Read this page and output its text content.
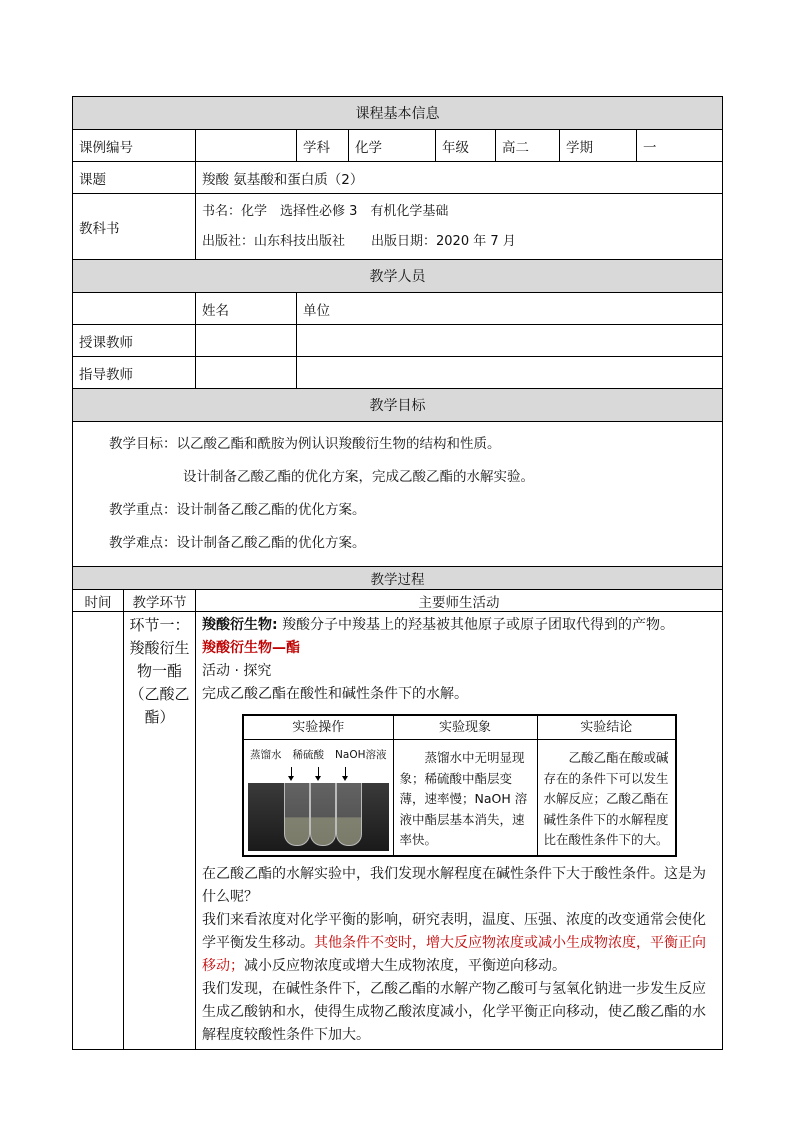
课程基本信息
课例编号		学科	化学	年级	高二	学期	一
课题	羧酸 氨基酸和蛋白质（2）
教科书	
书名：化学　选择性必修 3　有机化学基础
出版社：山东科技出版社　　出版日期：2020 年 7 月

教学人员
	姓名	单位
授课教师		
指导教师		
教学目标

教学目标：以乙酸乙酯和酰胺为例认识羧酸衍生物的结构和性质。
设计制备乙酸乙酯的优化方案，完成乙酸乙酯的水解实验。
教学重点：设计制备乙酸乙酯的优化方案。
教学难点：设计制备乙酸乙酯的优化方案。

教学过程
时间	教学环节	主要师生活动
	环节一：羧酸衍生物一酯（乙酸乙酯）	
羧酸衍生物: 羧酸分子中羧基上的羟基被其他原子或原子团取代得到的产物。
羧酸衍生物—酯
活动 · 探究
完成乙酸乙酯在酸性和碱性条件下的水解。
实验操作	实验现象	实验结论

蒸馏水 稀硫酸 NaOH溶液	蒸馏水中无明显现象；稀硫酸中酯层变薄，速率慢；NaOH 溶液中酯层基本消失，速率快。	乙酸乙酯在酸或碱存在的条件下可以发生水解反应；乙酸乙酯在碱性条件下的水解程度比在酸性条件下的大。
在乙酸乙酯的水解实验中，我们发现水解程度在碱性条件下大于酸性条件。这是为什么呢？
我们来看浓度对化学平衡的影响，研究表明，温度、压强、浓度的改变通常会使化学平衡发生移动。其他条件不变时，增大反应物浓度或减小生成物浓度，平衡正向移动；减小反应物浓度或增大生成物浓度，平衡逆向移动。
我们发现，在碱性条件下，乙酸乙酯的水解产物乙酸可与氢氧化钠进一步发生反应生成乙酸钠和水，使得生成物乙酸浓度减小，化学平衡正向移动，使乙酸乙酯的水解程度较酸性条件下加大。
